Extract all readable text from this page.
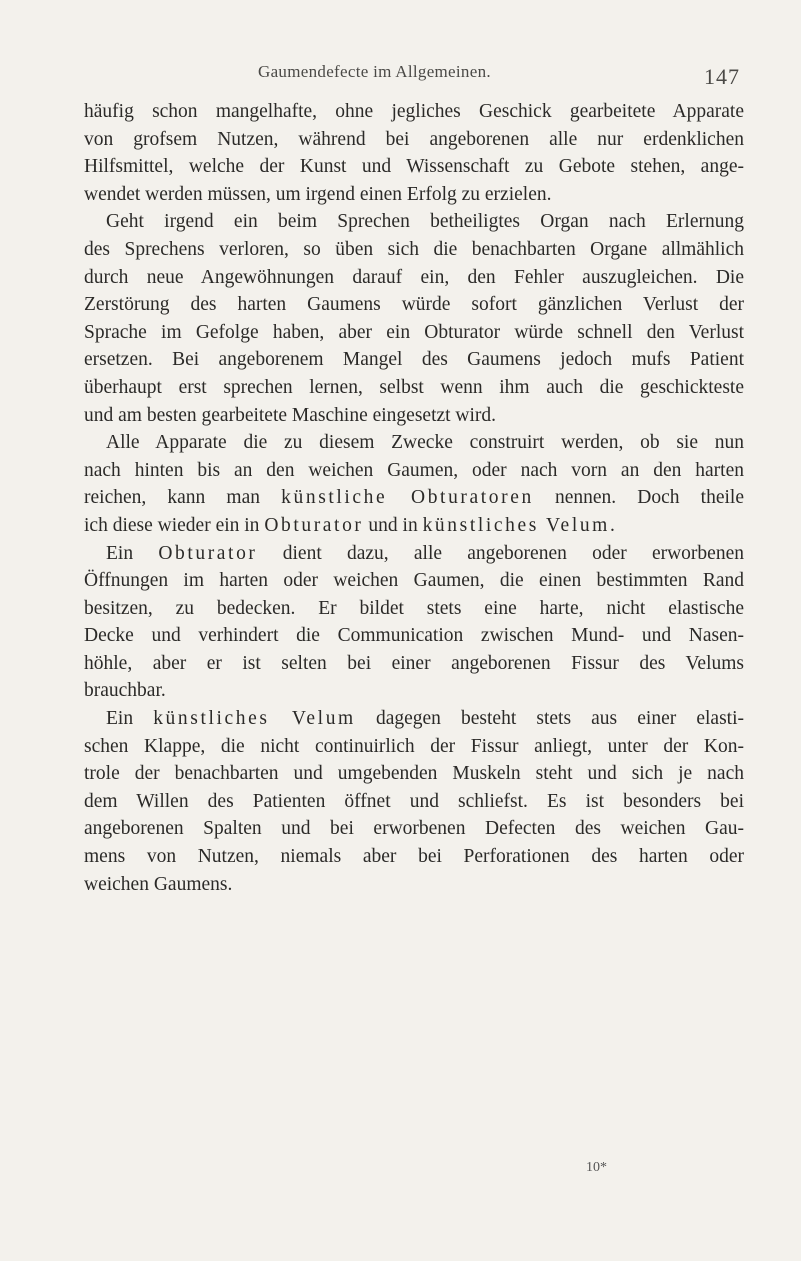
Gaumendefecte im Allgemeinen.	147
häufig schon mangelhafte, ohne jegliches Geschick gearbeitete Apparate
von grofsem Nutzen, während bei angeborenen alle nur erdenklichen
Hilfsmittel, welche der Kunst und Wissenschaft zu Gebote stehen, ange-
wendet werden müssen, um irgend einen Erfolg zu erzielen.
Geht irgend ein beim Sprechen betheiligtes Organ nach Erlernung
des Sprechens verloren, so üben sich die benachbarten Organe allmählich
durch neue Angewöhnungen darauf ein, den Fehler auszugleichen. Die
Zerstörung des harten Gaumens würde sofort gänzlichen Verlust der
Sprache im Gefolge haben, aber ein Obturator würde schnell den Verlust
ersetzen. Bei angeborenem Mangel des Gaumens jedoch mufs Patient
überhaupt erst sprechen lernen, selbst wenn ihm auch die geschickteste
und am besten gearbeitete Maschine eingesetzt wird.
Alle Apparate die zu diesem Zwecke construirt werden, ob sie nun
nach hinten bis an den weichen Gaumen, oder nach vorn an den harten
reichen, kann man künstliche Obturatoren nennen. Doch theile
ich diese wieder ein in Obturator und in künstliches Velum.
Ein Obturator dient dazu, alle angeborenen oder erworbenen
Öffnungen im harten oder weichen Gaumen, die einen bestimmten Rand
besitzen, zu bedecken. Er bildet stets eine harte, nicht elastische
Decke und verhindert die Communication zwischen Mund- und Nasen-
höhle, aber er ist selten bei einer angeborenen Fissur des Velums
brauchbar.
Ein künstliches Velum dagegen besteht stets aus einer elasti-
schen Klappe, die nicht continuirlich der Fissur anliegt, unter der Kon-
trole der benachbarten und umgebenden Muskeln steht und sich je nach
dem Willen des Patienten öffnet und schliefst. Es ist besonders bei
angeborenen Spalten und bei erworbenen Defecten des weichen Gau-
mens von Nutzen, niemals aber bei Perforationen des harten oder
weichen Gaumens.
10*
